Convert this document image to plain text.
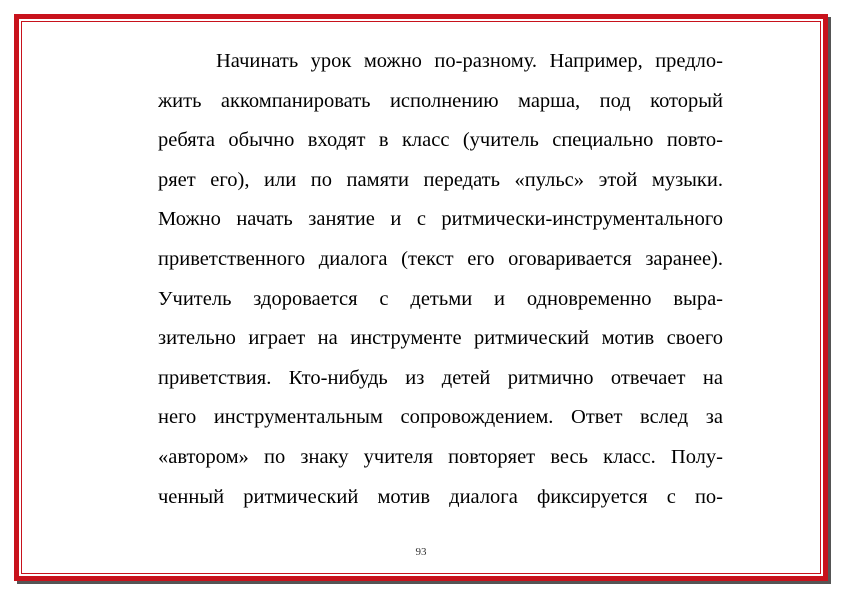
Начинать урок можно по-разному. Например, предло-
жить аккомпанировать исполнению марша, под который
ребята обычно входят в класс (учитель специально повто-
ряет его), или по памяти передать «пульс» этой музыки.
Можно начать занятие и с ритмически-инструментального
приветственного диалога (текст его оговаривается заранее).
Учитель здоровается с детьми и одновременно выра-
зительно играет на инструменте ритмический мотив своего
приветствия. Кто-нибудь из детей ритмично отвечает на
него инструментальным сопровождением. Ответ вслед за
«автором» по знаку учителя повторяет весь класс. Полу-
ченный ритмический мотив диалога фиксируется с по-
93
